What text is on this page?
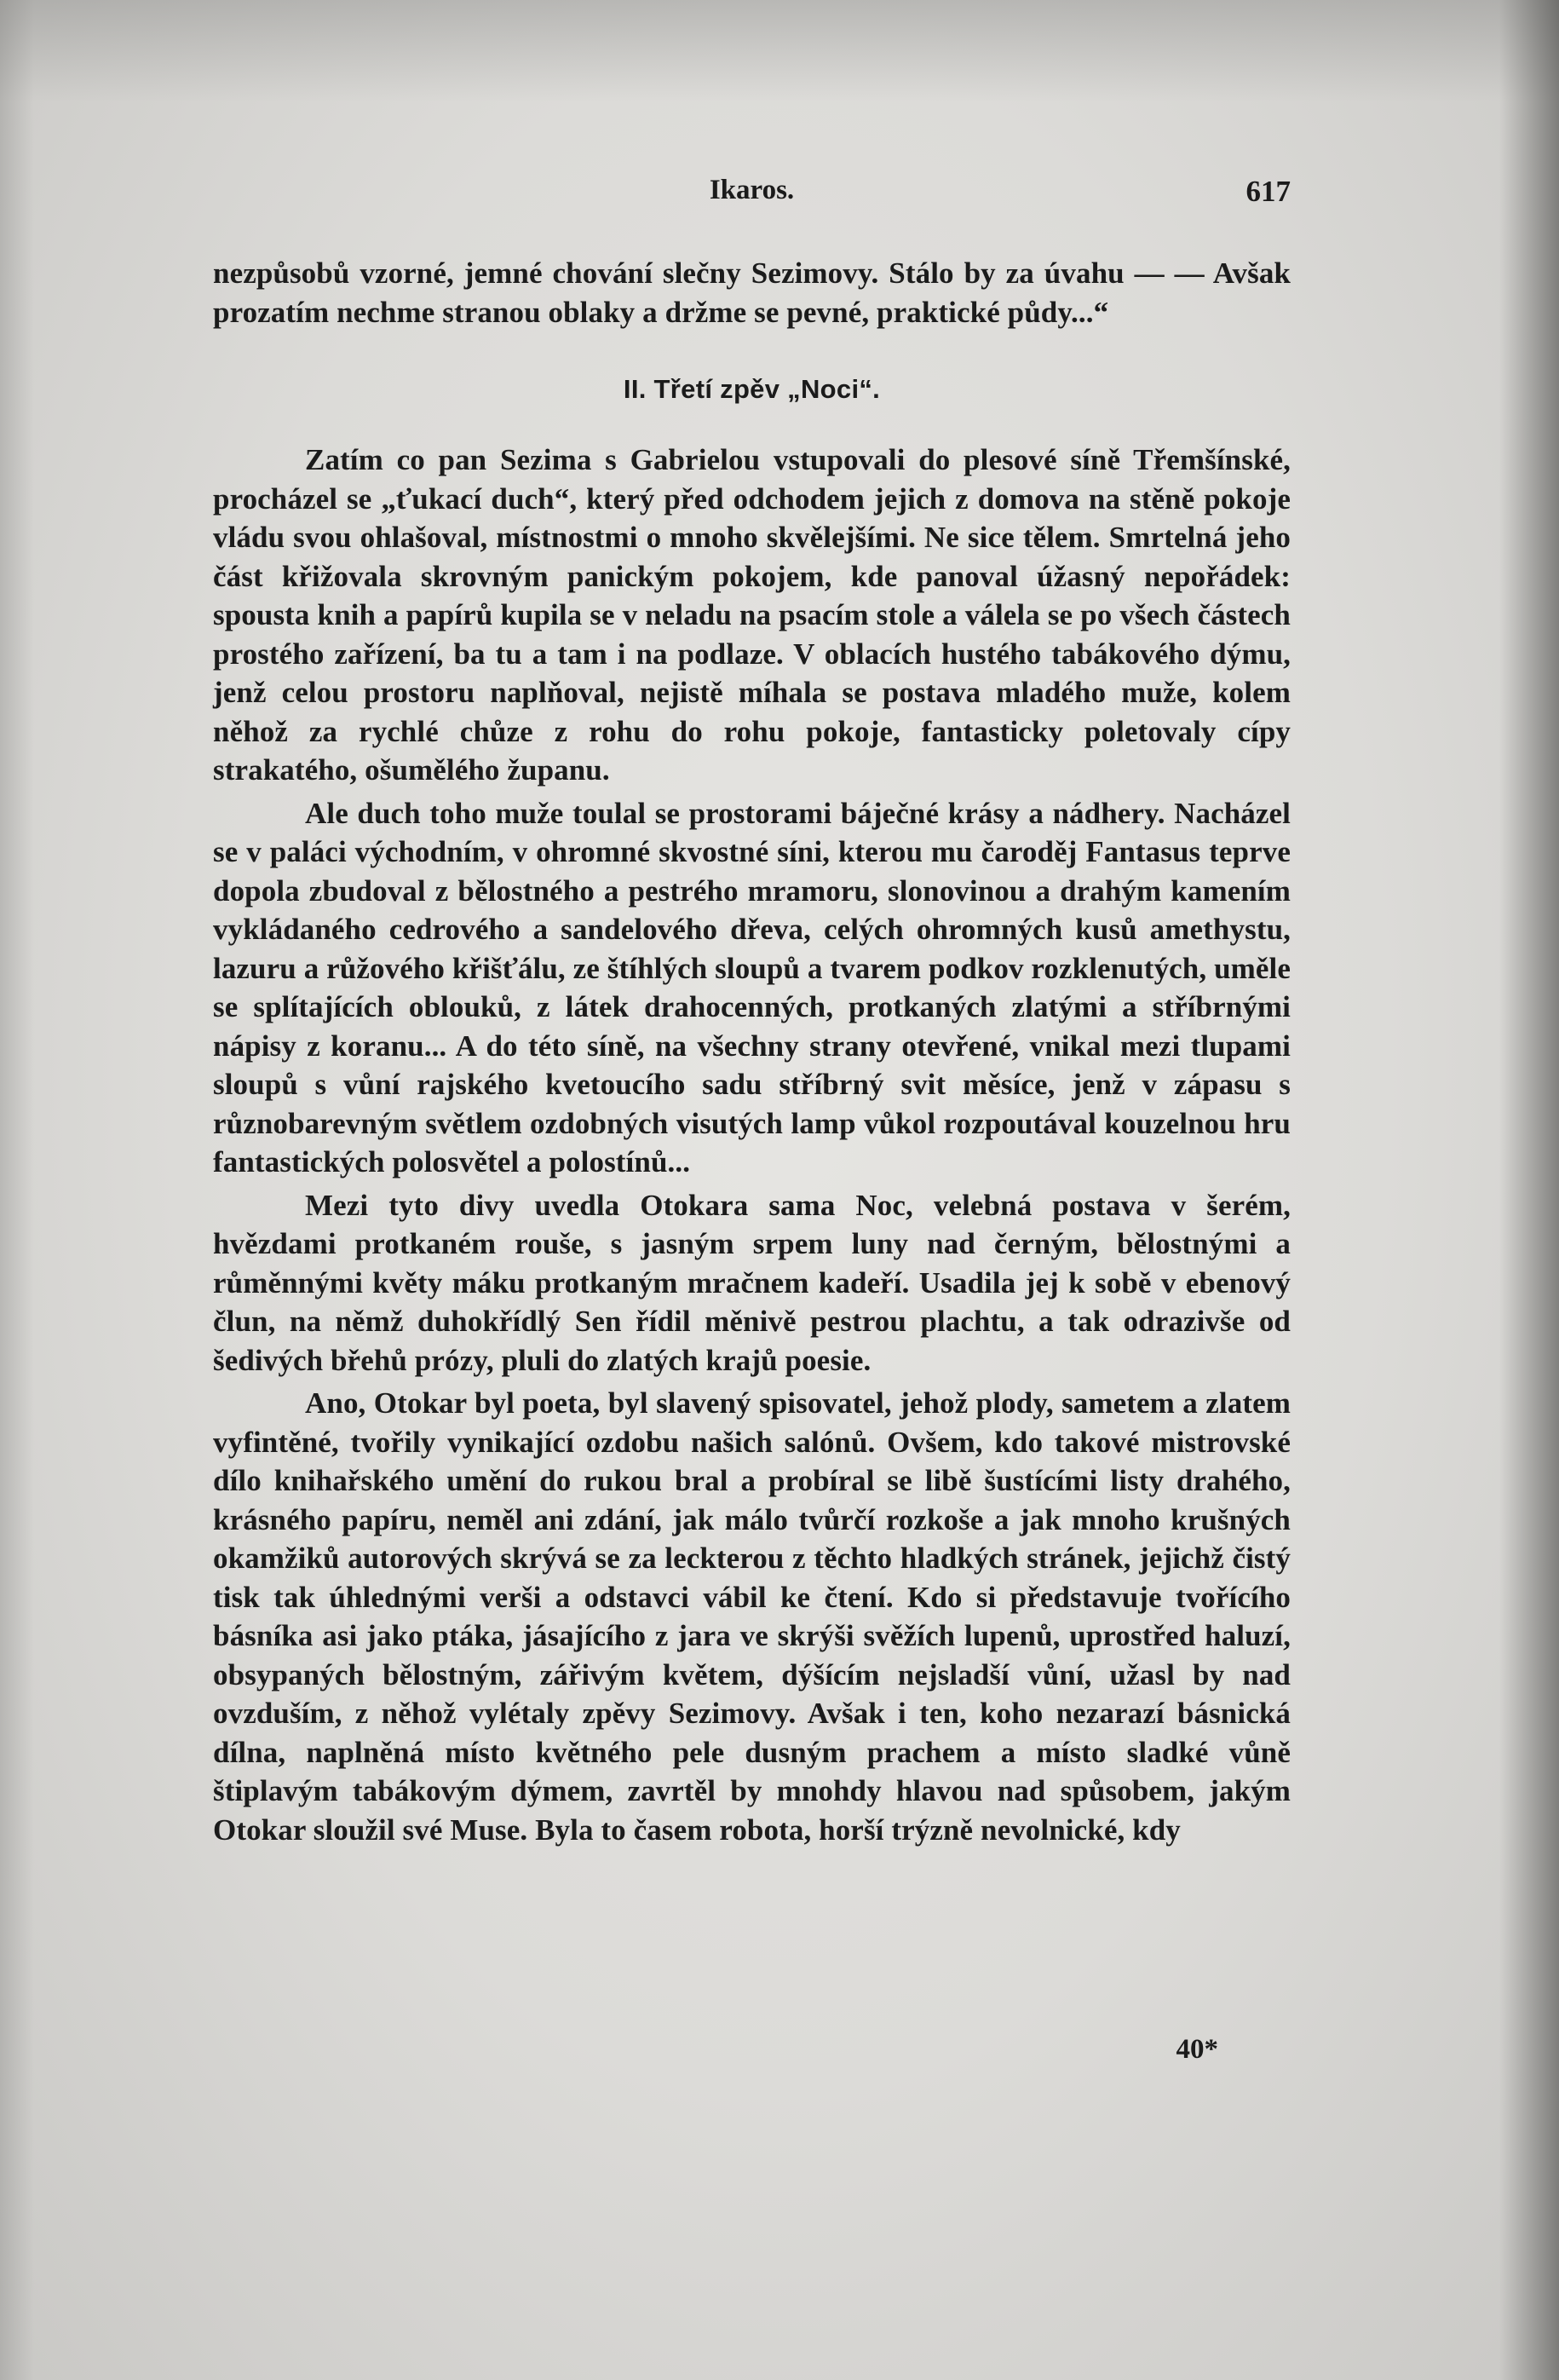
Ikaros.	617

nezpůsobů vzorné, jemné chování slečny Sezimovy. Stálo by za úvahu — — Avšak prozatím nechme stranou oblaky a držme se pevné, praktické půdy...“

II. Třetí zpěv „Noci“.

Zatím co pan Sezima s Gabrielou vstupovali do plesové síně Třemšínské, procházel se „ťukací duch“, který před odchodem jejich z domova na stěně pokoje vládu svou ohlašoval, místnostmi o mnoho skvělejšími. Ne sice tělem. Smrtelná jeho část křižovala skrovným panickým pokojem, kde panoval úžasný nepořádek: spousta knih a papírů kupila se v neladu na psacím stole a válela se po všech částech prostého zařízení, ba tu a tam i na podlaze. V oblacích hustého tabákového dýmu, jenž celou prostoru naplňoval, nejistě míhala se postava mladého muže, kolem něhož za rychlé chůze z rohu do rohu pokoje, fantasticky poletovaly cípy strakatého, ošumělého županu.

Ale duch toho muže toulal se prostorami báječné krásy a nádhery. Nacházel se v paláci východním, v ohromné skvostné síni, kterou mu čaroděj Fantasus teprve dopola zbudoval z bělostného a pestrého mramoru, slonovinou a drahým kamením vykládaného cedrového a sandelového dřeva, celých ohromných kusů amethystu, lazuru a růžového křišťálu, ze štíhlých sloupů a tvarem podkov rozklenutých, uměle se splítajících oblouků, z látek drahocenných, protkaných zlatými a stříbrnými nápisy z koranu... A do této síně, na všechny strany otevřené, vnikal mezi tlupami sloupů s vůní rajského kvetoucího sadu stříbrný svit měsíce, jenž v zápasu s různobarevným světlem ozdobných visutých lamp vůkol rozpoutával kouzelnou hru fantastických polosvětel a polostínů...

Mezi tyto divy uvedla Otokara sama Noc, velebná postava v šerém, hvězdami protkaném rouše, s jasným srpem luny nad černým, bělostnými a růměnnými květy máku protkaným mračnem kadeří. Usadila jej k sobě v ebenový člun, na němž duhokřídlý Sen řídil měnivě pestrou plachtu, a tak odrazivše od šedivých břehů prózy, pluli do zlatých krajů poesie.

Ano, Otokar byl poeta, byl slavený spisovatel, jehož plody, sametem a zlatem vyfintěné, tvořily vynikající ozdobu našich salónů. Ovšem, kdo takové mistrovské dílo knihařského umění do rukou bral a probíral se libě šustícími listy drahého, krásného papíru, neměl ani zdání, jak málo tvůrčí rozkoše a jak mnoho krušných okamžiků autorových skrývá se za leckterou z těchto hladkých stránek, jejichž čistý tisk tak úhlednými verši a odstavci vábil ke čtení. Kdo si představuje tvořícího básníka asi jako ptáka, jásajícího z jara ve skrýši svěžích lupenů, uprostřed haluzí, obsypaných bělostným, zářivým květem, dýšícím nejsladší vůní, užasl by nad ovzduším, z něhož vylétaly zpěvy Sezimovy. Avšak i ten, koho nezarazí básnická dílna, naplněná místo květného pele dusným prachem a místo sladké vůně štiplavým tabákovým dýmem, zavrtěl by mnohdy hlavou nad spůsobem, jakým Otokar sloužil své Muse. Byla to časem robota, horší trýzně nevolnické, kdy

40*
